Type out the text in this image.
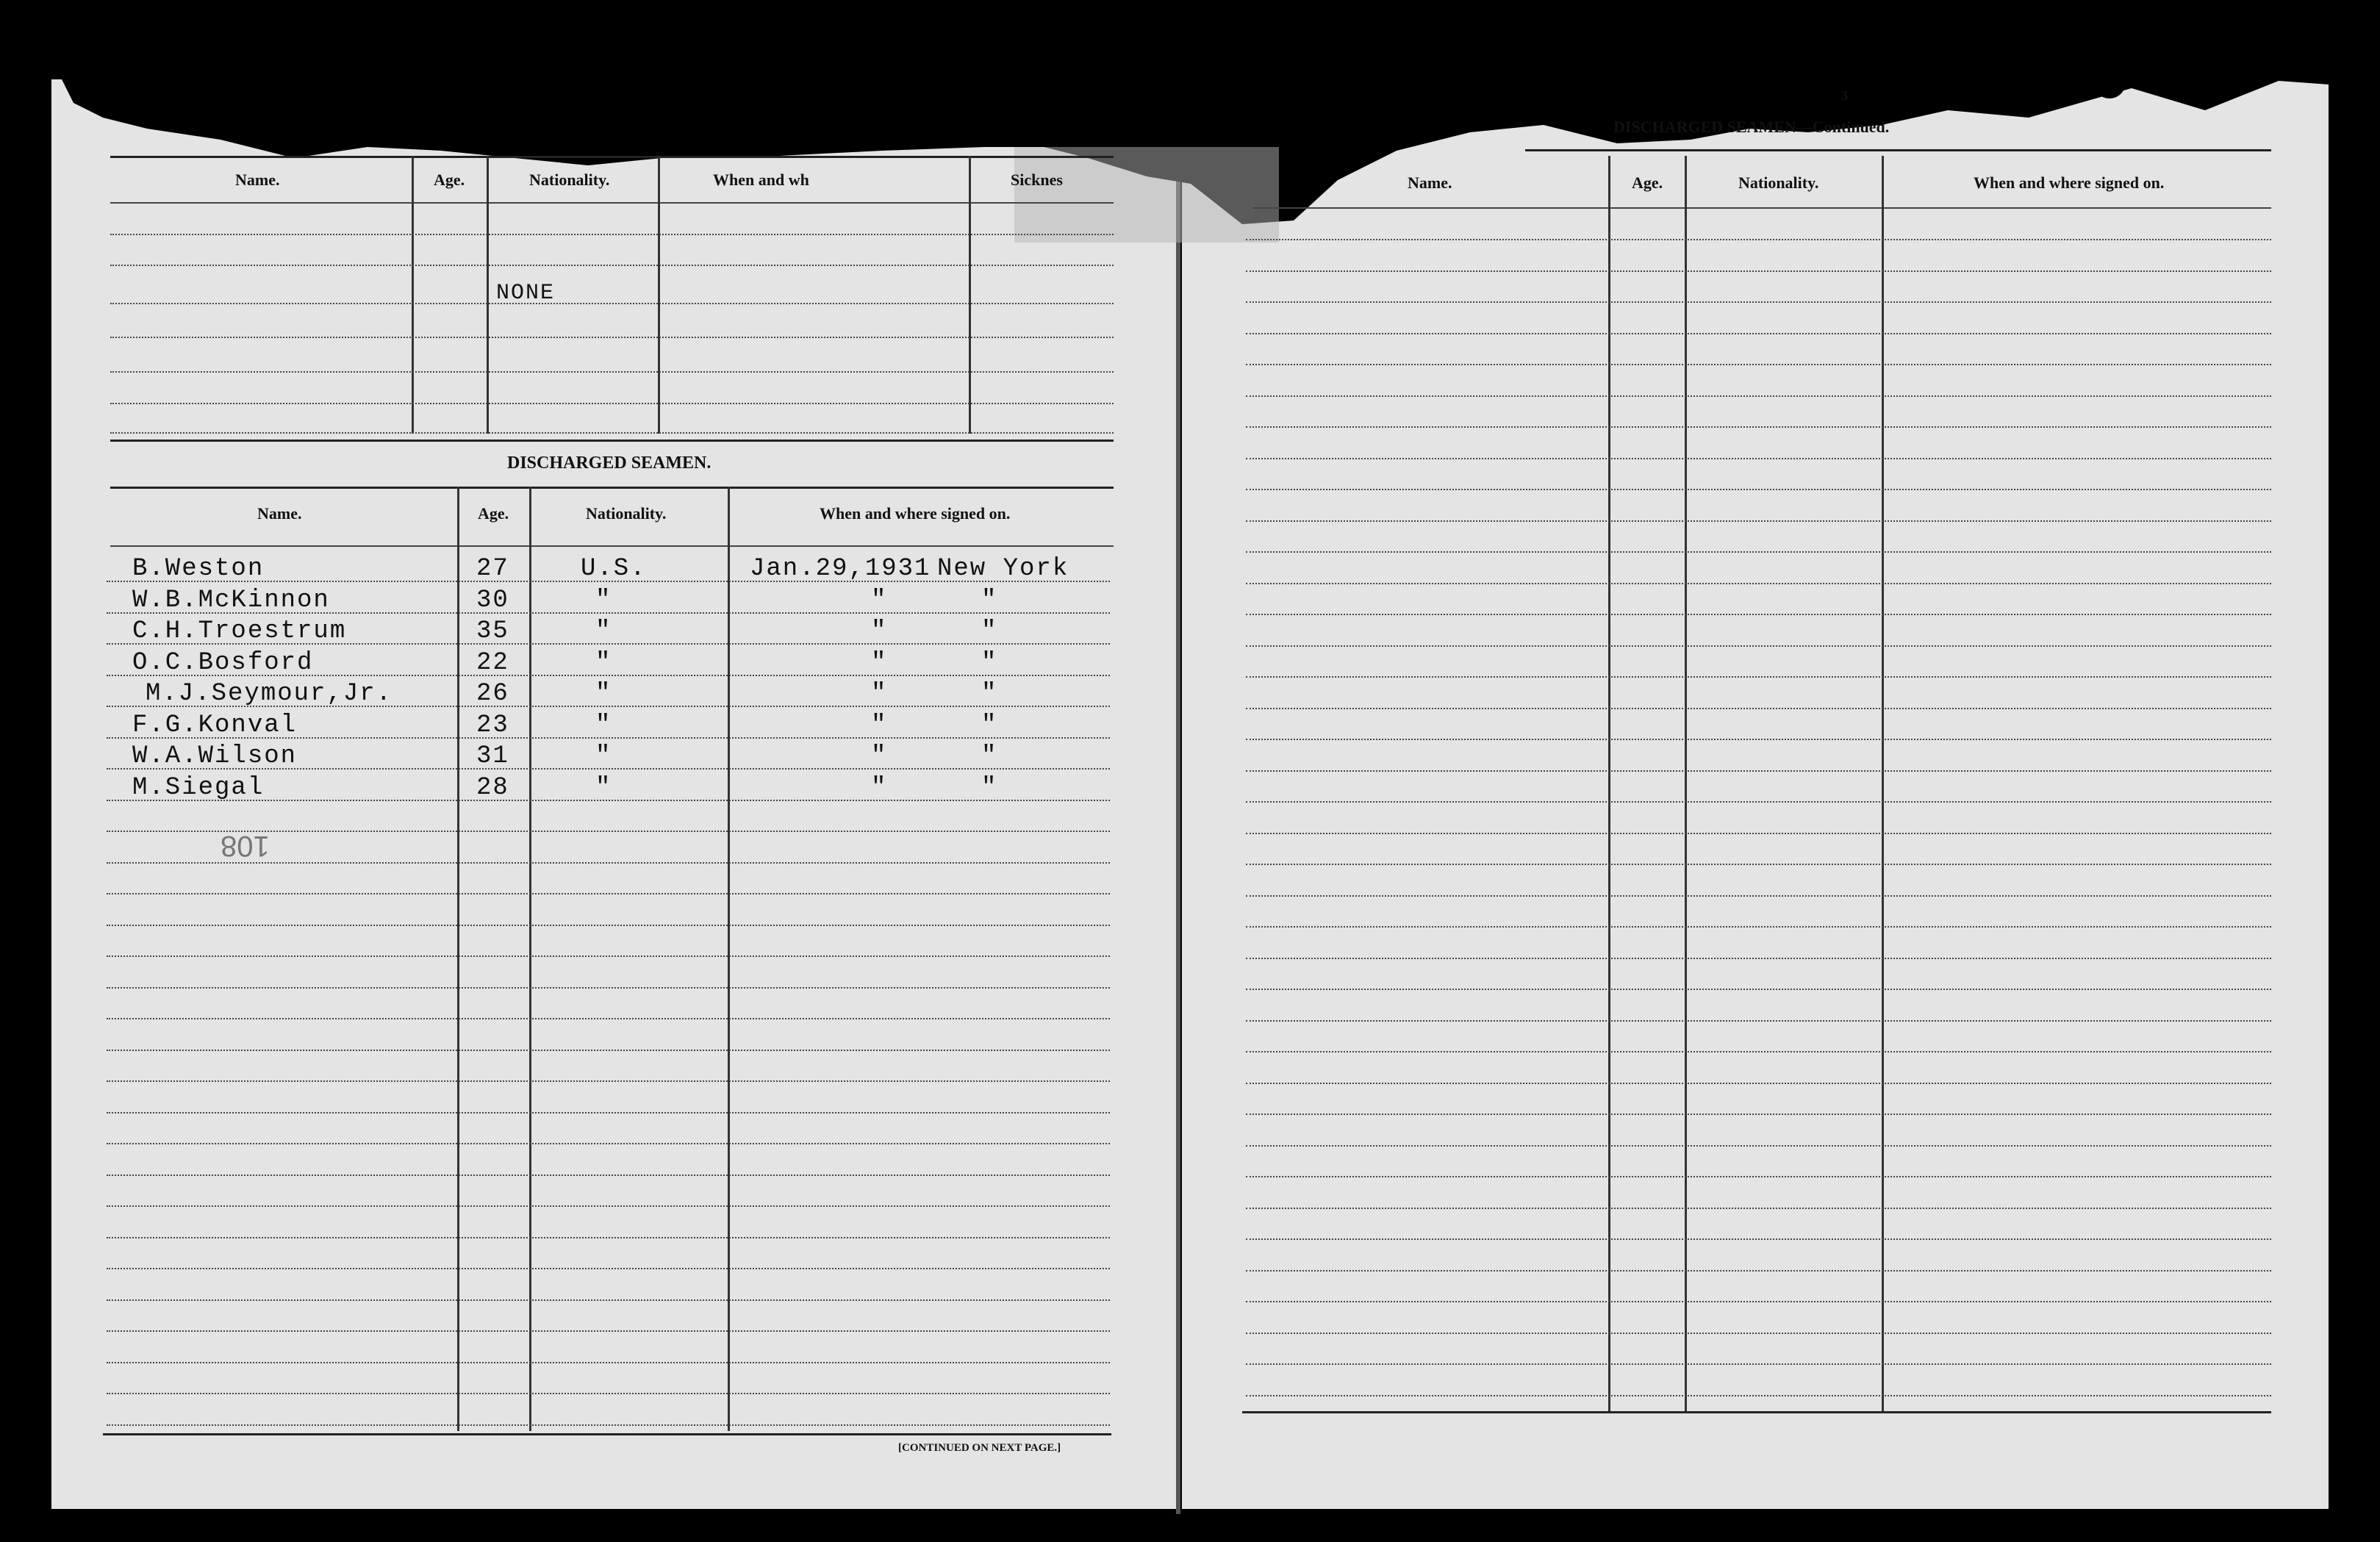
Name.	Age.	Nationality.	When and wh	Sicknes
NONE
DISCHARGED SEAMEN.
Name.	Age.	Nationality.	When and where signed on.
B.Weston	27	U.S.	Jan.29,1931 New York
W.B.McKinnon	30	"	"	"
C.H.Troestrum	35	"	"	"
O.C.Bosford	22	"	"	"
M.J.Seymour,Jr.	26	"	"	"
F.G.Konval	23	"	"	"
W.A.Wilson	31	"	"	"
M.Siegal	28	"	"	"
108
[CONTINUED ON NEXT PAGE.]
3
DISCHARGED SEAMEN—Continued.
Name.	Age.	Nationality.	When and where signed on.
